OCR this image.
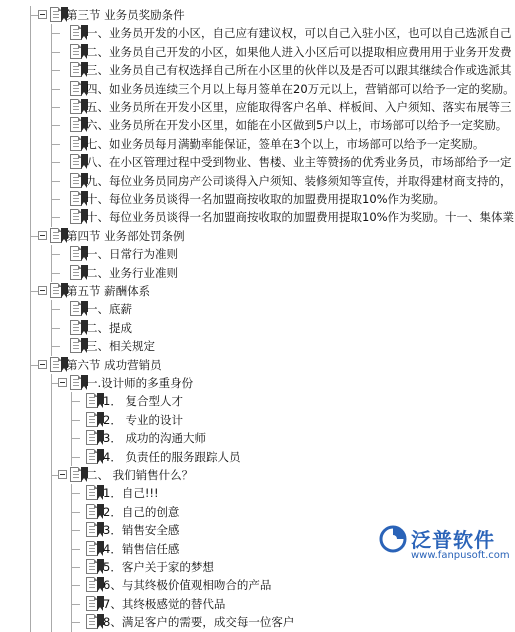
第三节 业务员奖励条件
一、业务员开发的小区，自己应有建议权，可以自己入驻小区，也可以自己选派自己
二、业务员自己开发的小区，如果他人进入小区后可以提取相应费用用于业务开发费
三、业务员自己有权选择自己所在小区里的伙伴以及是否可以跟其继续合作或选派其
四、如业务员连续三个月以上每月签单在20万元以上，营销部可以给予一定的奖励。
五、业务员所在开发小区里，应能取得客户名单、样板间、入户须知、落实布展等三
六、业务员所在开发小区里，如能在小区做到5户以上，市场部可以给予一定奖励。
七、如业务员每月满勤率能保证，签单在3个以上，市场部可以给予一定奖励。
八、在小区管理过程中受到物业、售楼、业主等赞扬的优秀业务员，市场部给予一定
九、每位业务员同房产公司谈得入户须知、装修须知等宣传，并取得建材商支持的，
十、每位业务员谈得一名加盟商按收取的加盟费用提取10%作为奖励。
十、每位业务员谈得一名加盟商按收取的加盟费用提取10%作为奖励。十一、集体業
第四节 业务部处罚条例
一、日常行为准则
二、业务行业准则
第五节 薪酬体系
一、底薪
二、提成
三、相关规定
第六节 成功营销员
一.设计师的多重身份
1． 复合型人才
2． 专业的设计
3． 成功的沟通大师
4． 负责任的服务跟踪人员
二、 我们销售什么？
1．自己!!!
2．自己的创意
3．销售安全感
4．销售信任感
5．客户关于家的梦想
6、与其终极价值观相吻合的产品
7、其终极感觉的替代品
8、满足客户的需要，成交每一位客户
泛普软件
www.fanpusoft.com
